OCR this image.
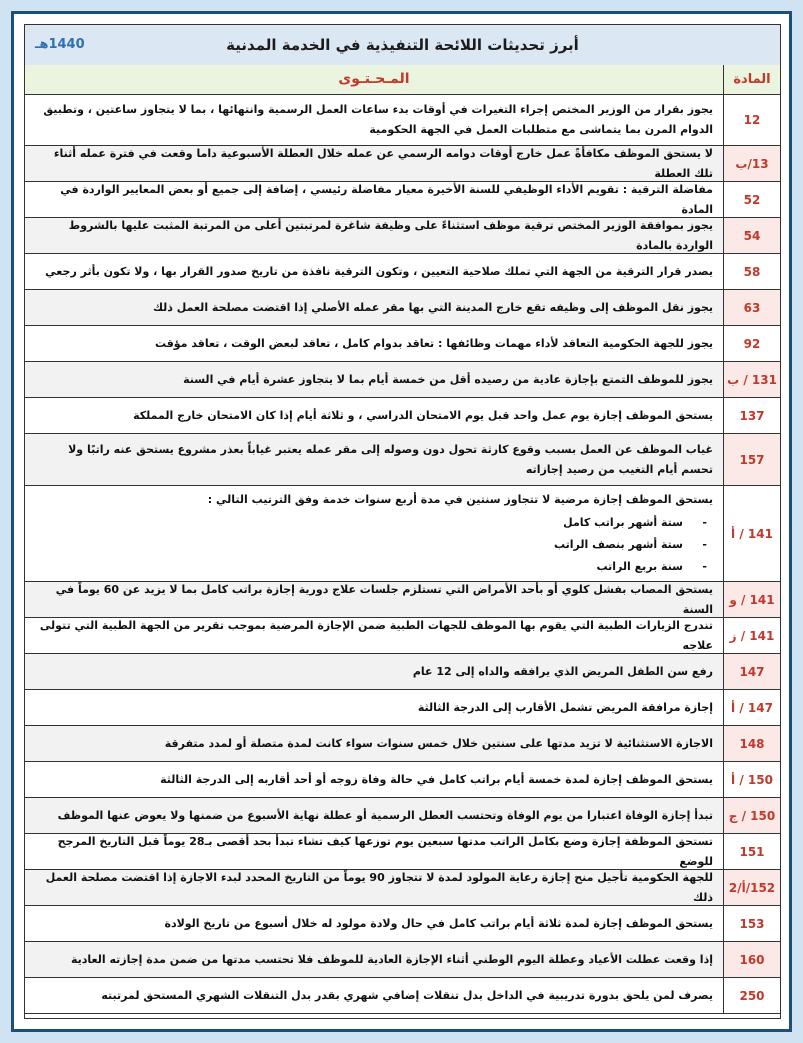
أبرز تحديثات اللائحة التنفيذية في الخدمة المدنية
1440هـ
المادة
المـحـتـوى
12
يجوز بقرار من الوزير المختص إجراء التغيرات في أوقات بدء ساعات العمل الرسمية وانتهائها ، بما لا يتجاوز ساعتين ، وتطبيق الدوام المرن بما يتماشى مع متطلبات العمل في الجهة الحكومية
13/ب
لا يستحق الموظف مكافأةً عمل خارج أوقات دوامه الرسمي عن عمله خلال العطلة الأسبوعية داما وقعت في فترة عمله أثناء تلك العطلة
52
مفاضلة الترقية : تقويم الأداء الوظيفي للسنة الأخيرة معيار مفاضلة رئيسي ، إضافة إلى جميع أو بعض المعايير الواردة في المادة
54
يجوز بموافقة الوزير المختص ترقية موظف استثناءً على وظيفة شاغرة لمرتبتين أعلى من المرتبة المثبت عليها بالشروط الواردة بالمادة
58
يصدر قرار الترقية من الجهة التي تملك صلاحية التعيين ، وتكون الترقية نافذة من تاريخ صدور القرار بها ، ولا تكون بأثر رجعي
63
يجوز نقل الموظف إلى وظيفه تقع خارج المدينة التي بها مقر عمله الأصلي إذا اقتضت مصلحة العمل ذلك
92
يجوز للجهة الحكومية التعاقد لأداء مهمات وظائفها : تعاقد بدوام كامل ، تعاقد لبعض الوقت ، تعاقد مؤقت
131 / ب
يجوز للموظف التمتع بإجازة عادية من رصيده أقل من خمسة أيام بما لا يتجاوز عشرة أيام في السنة
137
يستحق الموظف إجازة يوم عمل واحد قبل يوم الامتحان الدراسي ، و ثلاثة أيام إذا كان الامتحان خارج المملكة
157
غياب الموظف عن العمل بسبب وقوع كارثة تحول دون وصوله إلى مقر عمله يعتبر غياباً بعذر مشروع يستحق عنه راتبًا ولا تحسم أيام التغيب من رصيد إجازاته
141 / أ
يستحق الموظف إجازة مرضية لا تتجاوز سنتين في مدة أربع سنوات خدمة وفق الترتيب التالي :
-
ستة أشهر براتب كامل
-
ستة أشهر بنصف الراتب
-
سنة بربع الراتب
141 / و
يستحق المصاب بفشل كلوي أو بأحد الأمراض التي تستلزم جلسات علاج دورية إجازة براتب كامل بما لا يزيد عن 60 يوماً في السنة
141 / ز
تندرج الزيارات الطبية التي يقوم بها الموظف للجهات الطبية ضمن الإجازة المرضية بموجب تقرير من الجهة الطبية التي تتولى علاجه
147
رفع سن الطفل المريض الذي يرافقه والداه إلى 12 عام
147 / أ
إجازة مرافقة المريض تشمل الأقارب إلى الدرجة الثالثة
148
الاجازة الاستثنائية لا تزيد مدتها على سنتين خلال خمس سنوات سواء كانت لمدة متصلة أو لمدد متفرقة
150 / أ
يستحق الموظف إجازة لمدة خمسة أيام براتب كامل في حالة وفاة زوجه أو أحد أقاربه إلى الدرجة الثالثة
150 / ج
تبدأ إجازة الوفاة اعتبارا من يوم الوفاة وتحتسب العطل الرسمية أو عطلة نهاية الأسبوع من ضمنها ولا يعوض عنها الموظف
151
تستحق الموظفة إجازة وضع بكامل الراتب مدتها سبعين يوم توزعها كيف تشاء تبدأ بحد أقصى بـ28 يوماً قبل التاريخ المرجح للوضع
152/أ/2
للجهة الحكومية تأجيل منح إجازة رعاية المولود لمدة لا تتجاوز 90 يوماً من التاريخ المحدد لبدء الاجازة إذا اقتضت مصلحة العمل ذلك
153
يستحق الموظف إجازة لمدة ثلاثة أيام براتب كامل في حال ولادة مولود له خلال أسبوع من تاريخ الولادة
160
إذا وقعت عطلت الأعياد وعطلة اليوم الوطني أثناء الإجازة العادية للموظف فلا تحتسب مدتها من ضمن مدة إجازته العادية
250
يصرف لمن يلحق بدورة تدريبية في الداخل بدل تنقلات إضافي شهري بقدر بدل التنقلات الشهري المستحق لمرتبته
